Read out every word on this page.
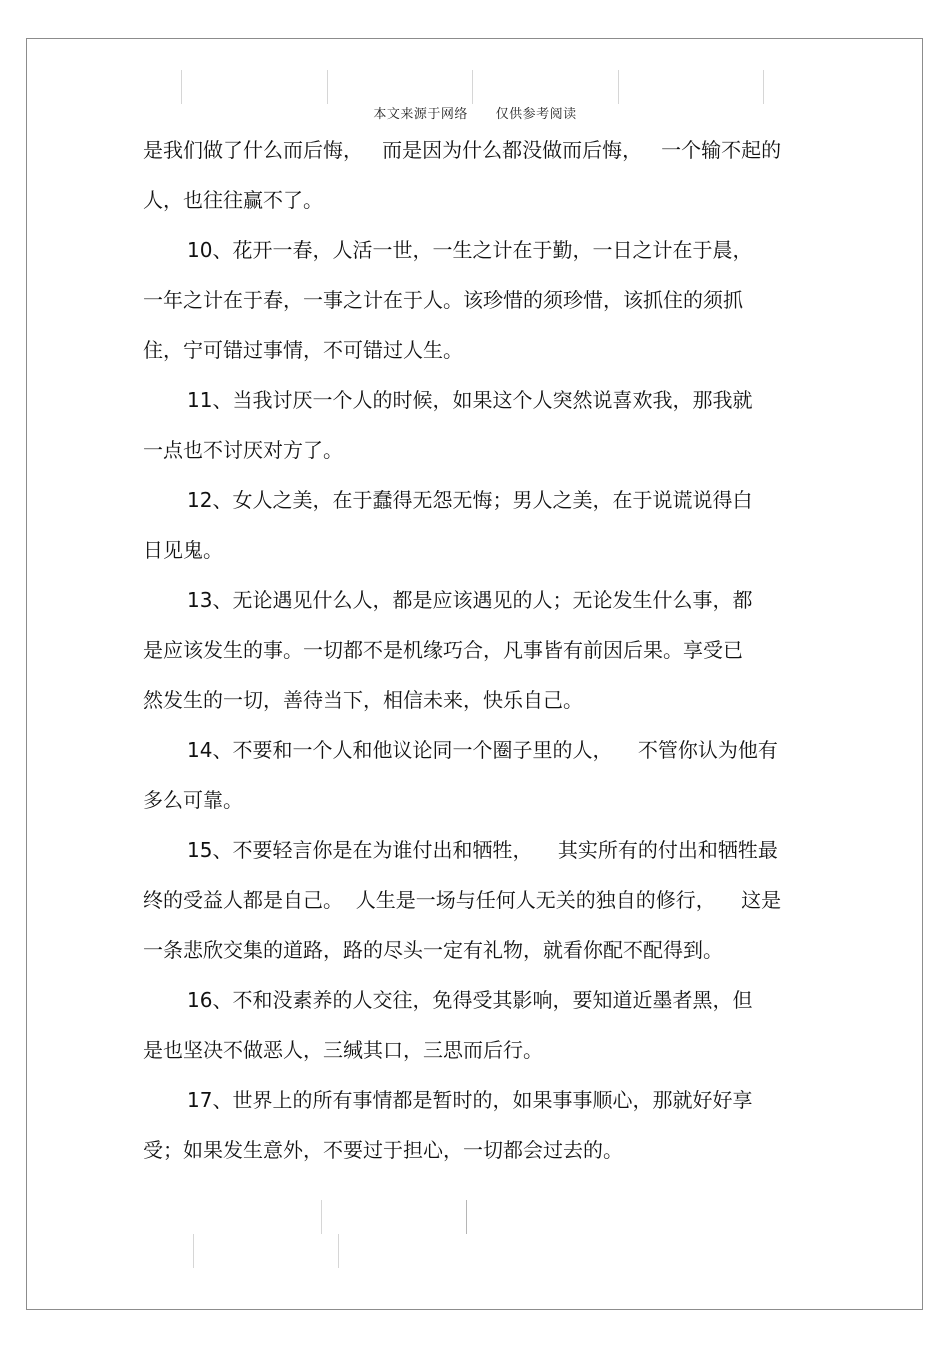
本文来源于网络      仅供参考阅读
是我们做了什么而后悔，   而是因为什么都没做而后悔，   一个输不起的
人，也往往赢不了。
10、花开一春，人活一世，一生之计在于勤，一日之计在于晨，
一年之计在于春，一事之计在于人。该珍惜的须珍惜，该抓住的须抓
住，宁可错过事情，不可错过人生。
11、当我讨厌一个人的时候，如果这个人突然说喜欢我，那我就
一点也不讨厌对方了。
12、女人之美，在于蠢得无怨无悔；男人之美，在于说谎说得白
日见鬼。
13、无论遇见什么人，都是应该遇见的人；无论发生什么事，都
是应该发生的事。一切都不是机缘巧合，凡事皆有前因后果。享受已
然发生的一切，善待当下，相信未来，快乐自己。
14、不要和一个人和他议论同一个圈子里的人，    不管你认为他有
多么可靠。
15、不要轻言你是在为谁付出和牺牲，    其实所有的付出和牺牲最
终的受益人都是自己。  人生是一场与任何人无关的独自的修行，    这是
一条悲欣交集的道路，路的尽头一定有礼物，就看你配不配得到。
16、不和没素养的人交往，免得受其影响，要知道近墨者黑，但
是也坚决不做恶人，三缄其口，三思而后行。
17、世界上的所有事情都是暂时的，如果事事顺心，那就好好享
受；如果发生意外，不要过于担心，一切都会过去的。
